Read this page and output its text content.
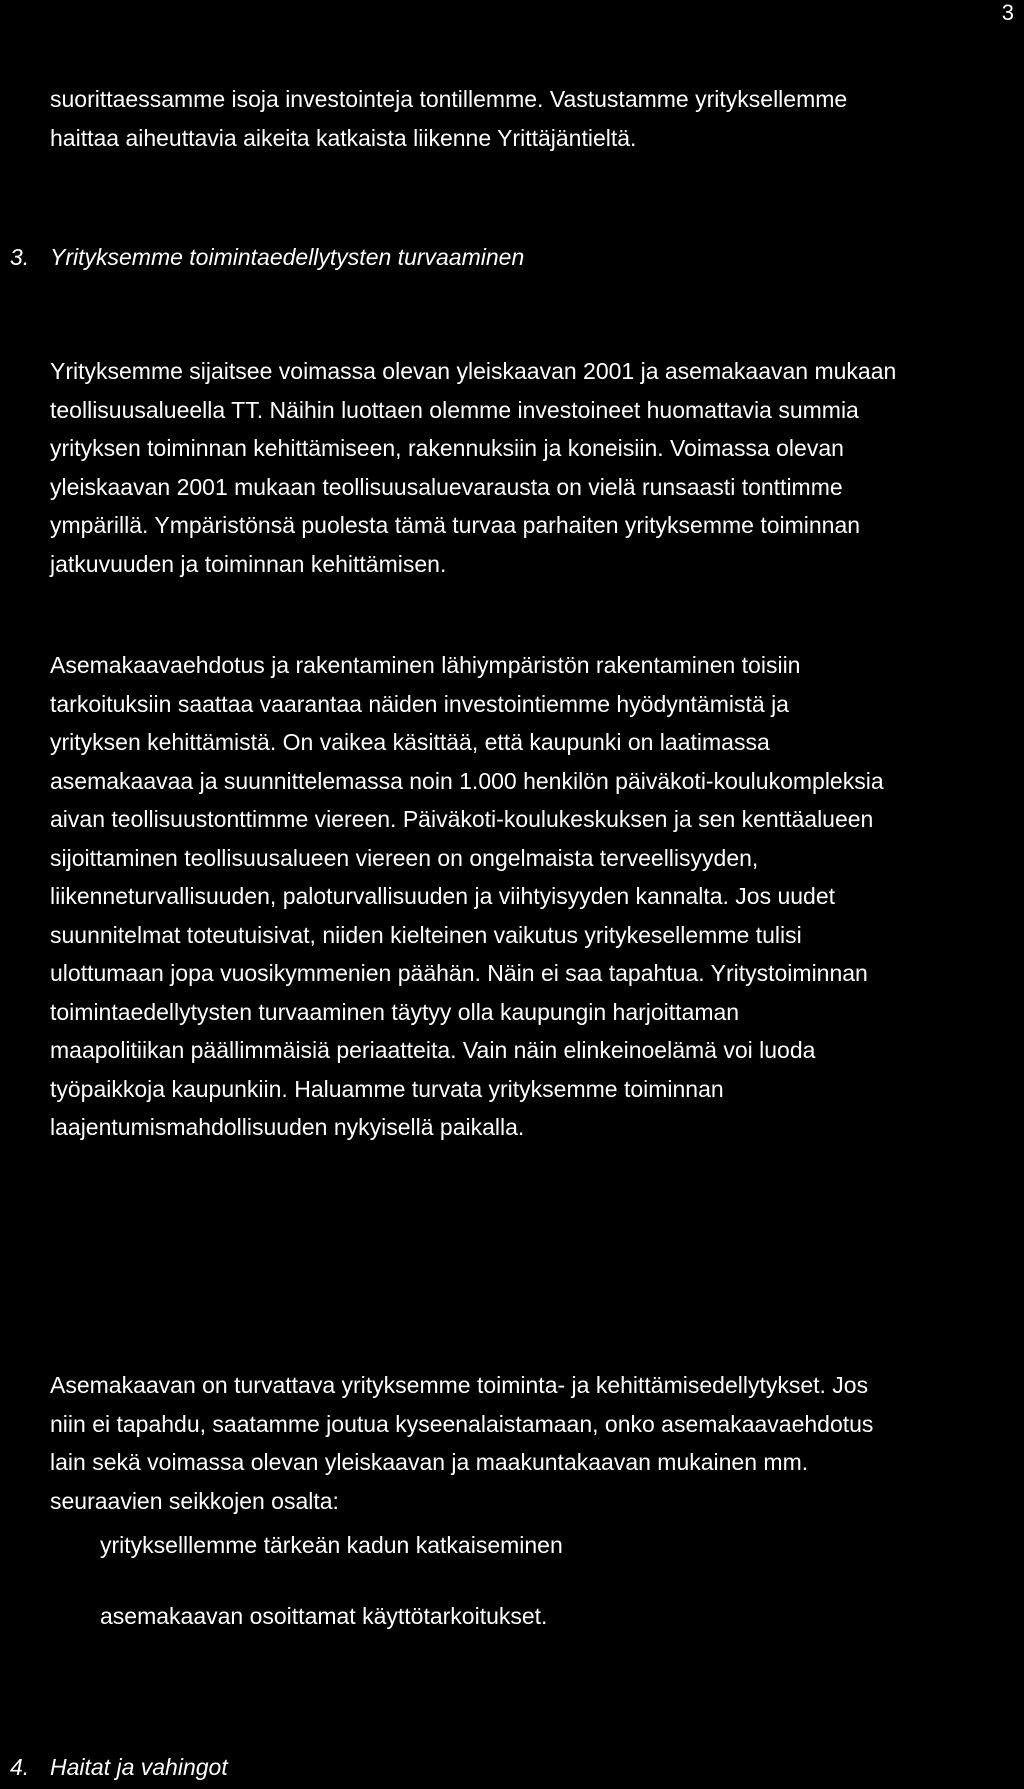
3

suorittaessamme isoja investointeja tontillemme. Vastustamme yrityksellemme
haittaa aiheuttavia aikeita katkaista liikenne Yrittäjäntieltä.

3. Yrityksemme toimintaedellytysten turvaaminen

Yrityksemme sijaitsee voimassa olevan yleiskaavan 2001 ja asemakaavan mukaan
teollisuusalueella TT. Näihin luottaen olemme investoineet huomattavia summia
yrityksen toiminnan kehittämiseen, rakennuksiin ja koneisiin. Voimassa olevan
yleiskaavan 2001 mukaan teollisuusaluevarausta on vielä runsaasti tonttimme
ympärillä. Ympäristönsä puolesta tämä turvaa parhaiten yrityksemme toiminnan
jatkuvuuden ja toiminnan kehittämisen.

Asemakaavaehdotus ja rakentaminen lähiympäristön rakentaminen toisiin
tarkoituksiin saattaa vaarantaa näiden investointiemme hyödyntämistä ja
yrityksen kehittämistä. On vaikea käsittää, että kaupunki on laatimassa
asemakaavaa ja suunnittelemassa noin 1.000 henkilön päiväkoti-koulukompleksia
aivan teollisuustonttimme viereen. Päiväkoti-koulukeskuksen ja sen kenttäalueen
sijoittaminen teollisuusalueen viereen on ongelmaista terveellisyyden,
liikenneturvallisuuden, paloturvallisuuden ja viihtyisyyden kannalta. Jos uudet
suunnitelmat toteutuisivat, niiden kielteinen vaikutus yritykesellemme tulisi
ulottumaan jopa vuosikymmenien päähän. Näin ei saa tapahtua. Yritystoiminnan
toimintaedellytysten turvaaminen täytyy olla kaupungin harjoittaman
maapolitiikan päällimmäisiä periaatteita. Vain näin elinkeinoelämä voi luoda
työpaikkoja kaupunkiin. Haluamme turvata yrityksemme toiminnan
laajentumismahdollisuuden nykyisellä paikalla.

Asemakaavan on turvattava yrityksemme toiminta- ja kehittämisedellytykset. Jos
niin ei tapahdu, saatamme joutua kyseenalaistamaan, onko asemakaavaehdotus
lain sekä voimassa olevan yleiskaavan ja maakuntakaavan mukainen mm.
seuraavien seikkojen osalta:

yritykselllemme tärkeän kadun katkaiseminen
asemakaavan osoittamat käyttötarkoitukset.
4. Haitat ja vahingot
